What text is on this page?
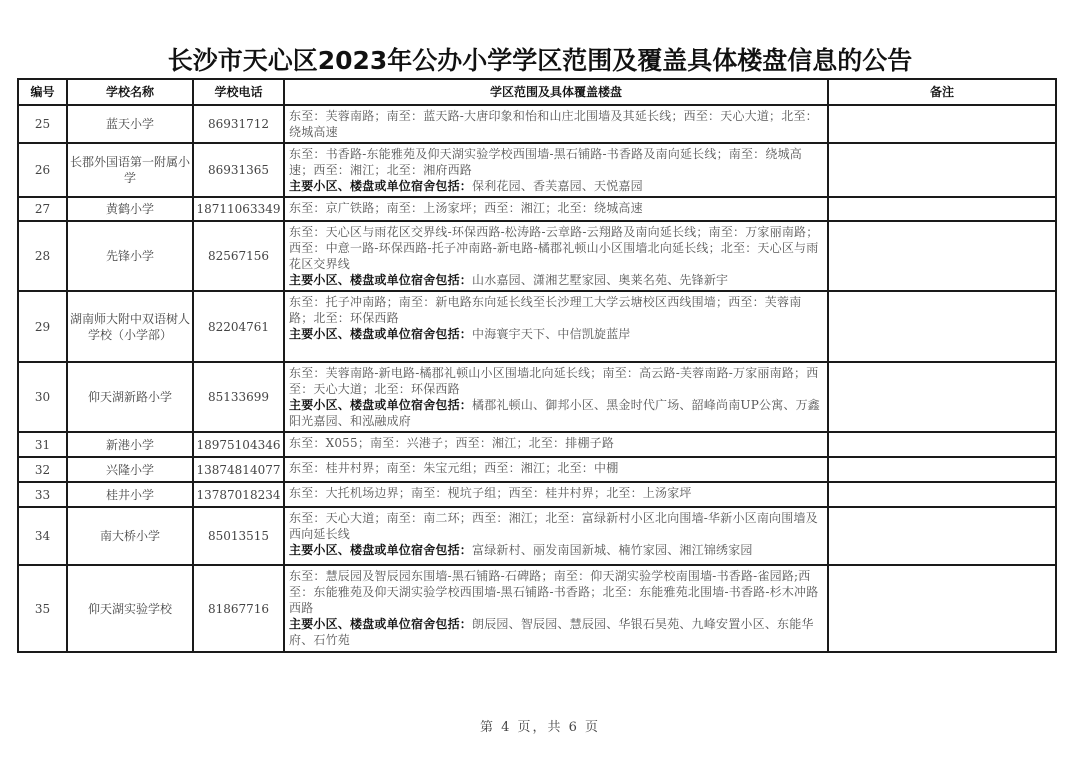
长沙市天心区2023年公办小学学区范围及覆盖具体楼盘信息的公告
编号	学校名称	学校电话	学区范围及具体覆盖楼盘	备注
25	蓝天小学	86931712	东至：芙蓉南路；南至：蓝天路-大唐印象和怡和山庄北围墙及其延长线；西至：天心大道；北至：绕城高速	
26	长郡外国语第一附属小学	86931365	东至：书香路-东能雅苑及仰天湖实验学校西围墙-黑石铺路-书香路及南向延长线；南至：绕城高速；西至：湘江；北至：湘府西路
主要小区、楼盘或单位宿舍包括：保利花园、香芙嘉园、天悦嘉园	
27	黄鹤小学	18711063349	东至：京广铁路；南至：上汤家坪；西至：湘江；北至：绕城高速	
28	先锋小学	82567156	东至：天心区与雨花区交界线-环保西路-松涛路-云章路-云翔路及南向延长线；南至：万家丽南路；西至：中意一路-环保西路-托子冲南路-新电路-橘郡礼顿山小区围墙北向延长线；北至：天心区与雨花区交界线
主要小区、楼盘或单位宿舍包括：山水嘉园、潇湘艺墅家园、奥莱名苑、先锋新宇	
29	湖南师大附中双语树人学校（小学部）	82204761	东至：托子冲南路；南至：新电路东向延长线至长沙理工大学云塘校区西线围墙；西至：芙蓉南路；北至：环保西路
主要小区、楼盘或单位宿舍包括：中海寰宇天下、中信凯旋蓝岸	
30	仰天湖新路小学	85133699	东至：芙蓉南路-新电路-橘郡礼顿山小区围墙北向延长线；南至：高云路-芙蓉南路-万家丽南路；西至：天心大道；北至：环保西路
主要小区、楼盘或单位宿舍包括：橘郡礼顿山、御邦小区、黑金时代广场、韶峰尚南UP公寓、万鑫阳光嘉园、和泓融成府	
31	新港小学	18975104346	东至：X055；南至：兴港子；西至：湘江；北至：排棚子路	
32	兴隆小学	13874814077	东至：桂井村界；南至：朱宝元组；西至：湘江；北至：中棚	
33	桂井小学	13787018234	东至：大托机场边界；南至：枧坑子组；西至：桂井村界；北至：上汤家坪	
34	南大桥小学	85013515	东至：天心大道；南至：南二环；西至：湘江；北至：富绿新村小区北向围墙-华新小区南向围墙及西向延长线
主要小区、楼盘或单位宿舍包括：富绿新村、丽发南国新城、楠竹家园、湘江锦绣家园	
35	仰天湖实验学校	81867716	东至：慧辰园及智辰园东围墙-黑石铺路-石碑路；南至：仰天湖实验学校南围墙-书香路-雀园路;西至：东能雅苑及仰天湖实验学校西围墙-黑石铺路-书香路；北至：东能雅苑北围墙-书香路-杉木冲路西路
主要小区、楼盘或单位宿舍包括：朗辰园、智辰园、慧辰园、华银石昊苑、九峰安置小区、东能华府、石竹苑	
第 4 页，共 6 页
